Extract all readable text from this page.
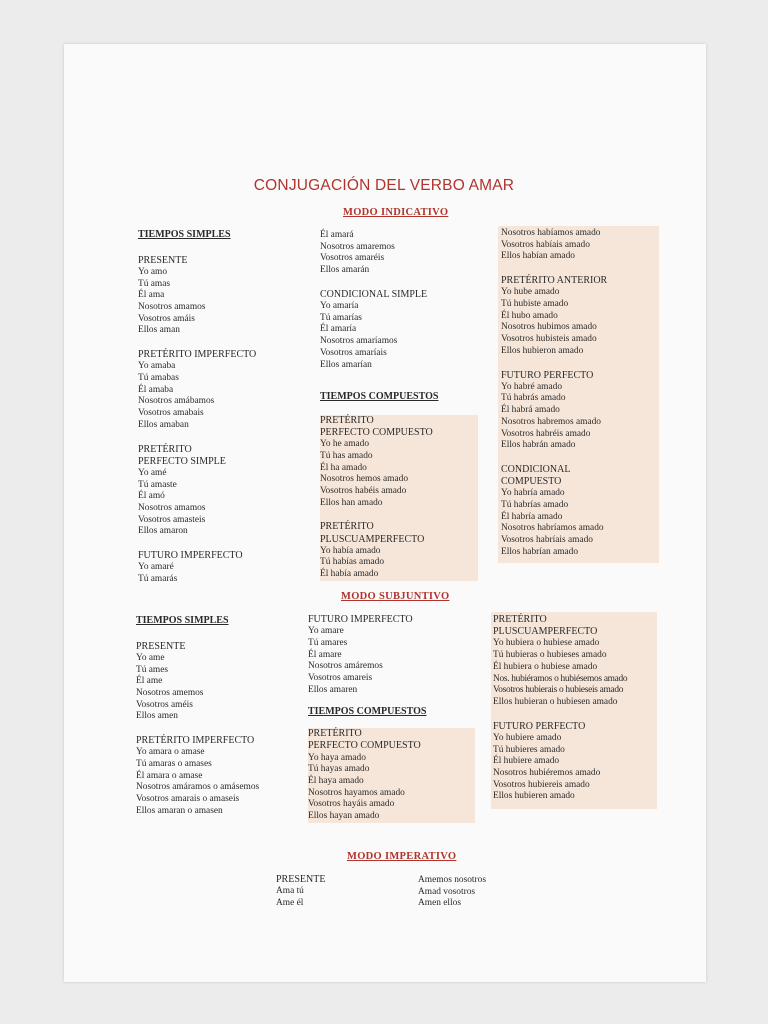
CONJUGACIÓN DEL VERBO AMAR
MODO INDICATIVO
TIEMPOS SIMPLES
PRESENTE
Yo amo
Tú amas
Él ama
Nosotros amamos
Vosotros amáis
Ellos aman
PRETÉRITO IMPERFECTO
Yo amaba
Tú amabas
Él amaba
Nosotros amábamos
Vosotros amabais
Ellos amaban
PRETÉRITO
PERFECTO SIMPLE
Yo amé
Tú amaste
Él amó
Nosotros amamos
Vosotros amasteis
Ellos amaron
FUTURO IMPERFECTO
Yo amaré
Tú amarás
Él amará
Nosotros amaremos
Vosotros amaréis
Ellos amarán
CONDICIONAL SIMPLE
Yo amaría
Tú amarías
Él amaría
Nosotros amaríamos
Vosotros amaríais
Ellos amarían
TIEMPOS COMPUESTOS
PRETÉRITO
PERFECTO COMPUESTO
Yo he amado
Tú has amado
Él ha amado
Nosotros hemos amado
Vosotros habéis amado
Ellos han amado
PRETÉRITO
PLUSCUAMPERFECTO
Yo había amado
Tú habías amado
Él había amado
Nosotros habíamos amado
Vosotros habíais amado
Ellos habían amado
PRETÉRITO ANTERIOR
Yo hube amado
Tú hubiste amado
Él hubo amado
Nosotros hubimos amado
Vosotros hubisteis amado
Ellos hubieron amado
FUTURO PERFECTO
Yo habré amado
Tú habrás amado
Él habrá amado
Nosotros habremos amado
Vosotros habréis amado
Ellos habrán amado
CONDICIONAL
COMPUESTO
Yo habría amado
Tú habrías amado
Él habría amado
Nosotros habríamos amado
Vosotros habríais amado
Ellos habrían amado
MODO SUBJUNTIVO
TIEMPOS SIMPLES
PRESENTE
Yo ame
Tú ames
Él ame
Nosotros amemos
Vosotros améis
Ellos amen
PRETÉRITO IMPERFECTO
Yo amara o amase
Tú amaras o amases
Él amara o amase
Nosotros amáramos o amásemos
Vosotros amarais o amaseis
Ellos amaran o amasen
FUTURO IMPERFECTO
Yo amare
Tú amares
Él amare
Nosotros amáremos
Vosotros amareis
Ellos amaren
TIEMPOS COMPUESTOS
PRETÉRITO
PERFECTO COMPUESTO
Yo haya amado
Tú hayas amado
Él haya amado
Nosotros hayamos amado
Vosotros hayáis amado
Ellos hayan amado
PRETÉRITO
PLUSCUAMPERFECTO
Yo hubiera o hubiese amado
Tú hubieras o hubieses amado
Él hubiera o hubiese amado
Nos. hubiéramos o hubiésemos amado
Vosotros hubierais o hubieseis amado
Ellos hubieran o hubiesen amado
FUTURO PERFECTO
Yo hubiere amado
Tú hubieres amado
Él hubiere amado
Nosotros hubiéremos amado
Vosotros hubiereis amado
Ellos hubieren amado
MODO IMPERATIVO
PRESENTE
Ama tú
Ame él
Amemos nosotros
Amad vosotros
Amen ellos
